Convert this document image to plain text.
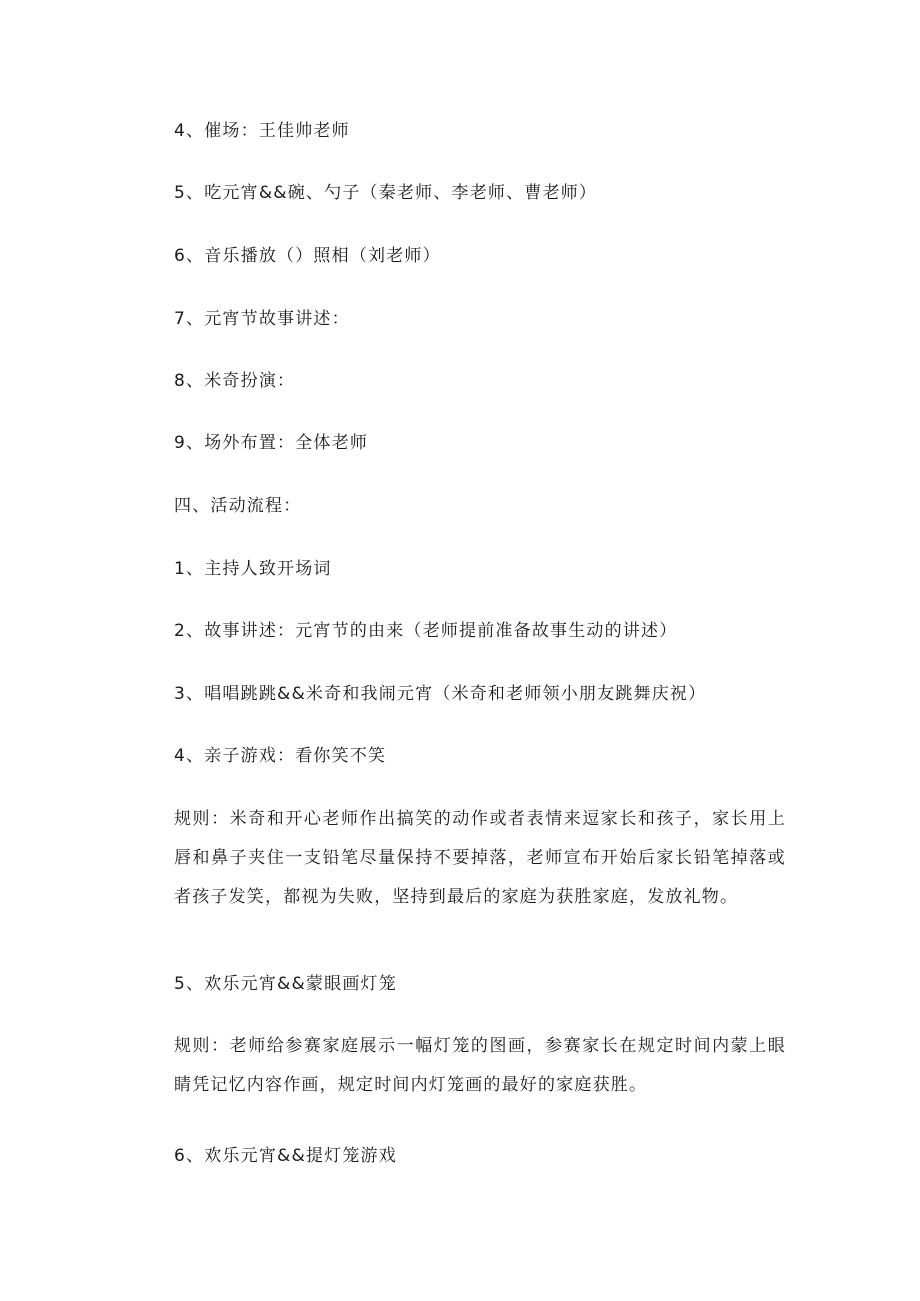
4、催场：王佳帅老师
5、吃元宵&&碗、勺子（秦老师、李老师、曹老师）
6、音乐播放（）照相（刘老师）
7、元宵节故事讲述：
8、米奇扮演：
9、场外布置：全体老师
四、活动流程：
1、主持人致开场词
2、故事讲述：元宵节的由来（老师提前准备故事生动的讲述）
3、唱唱跳跳&&米奇和我闹元宵（米奇和老师领小朋友跳舞庆祝）
4、亲子游戏：看你笑不笑
规则：米奇和开心老师作出搞笑的动作或者表情来逗家长和孩子，家长用上唇和鼻子夹住一支铅笔尽量保持不要掉落，老师宣布开始后家长铅笔掉落或者孩子发笑，都视为失败，坚持到最后的家庭为获胜家庭，发放礼物。
5、欢乐元宵&&蒙眼画灯笼
规则：老师给参赛家庭展示一幅灯笼的图画，参赛家长在规定时间内蒙上眼睛凭记忆内容作画，规定时间内灯笼画的最好的家庭获胜。
6、欢乐元宵&&提灯笼游戏
